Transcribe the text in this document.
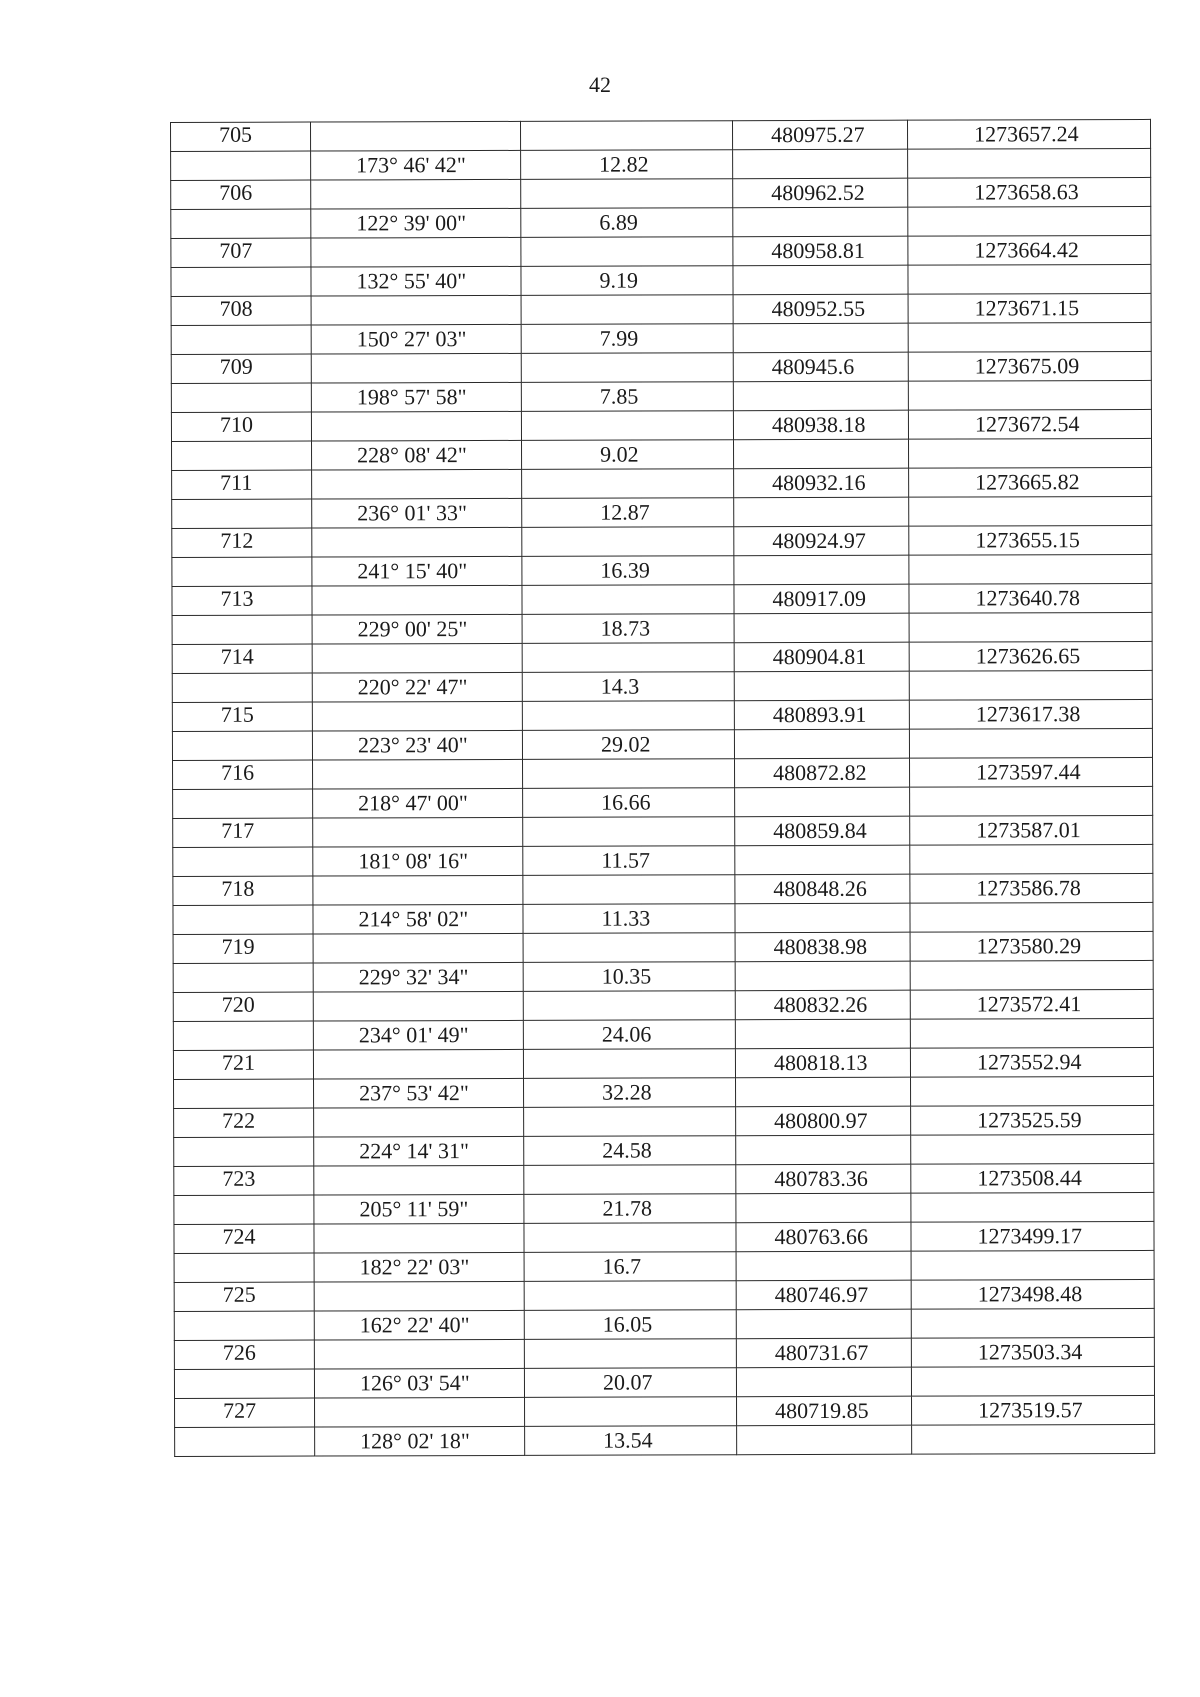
42
705			480975.27	1273657.24
	173° 46' 42"	12.82		
706			480962.52	1273658.63
	122° 39' 00"	6.89		
707			480958.81	1273664.42
	132° 55' 40"	9.19		
708			480952.55	1273671.15
	150° 27' 03"	7.99		
709			480945.6	1273675.09
	198° 57' 58"	7.85		
710			480938.18	1273672.54
	228° 08' 42"	9.02		
711			480932.16	1273665.82
	236° 01' 33"	12.87		
712			480924.97	1273655.15
	241° 15' 40"	16.39		
713			480917.09	1273640.78
	229° 00' 25"	18.73		
714			480904.81	1273626.65
	220° 22' 47"	14.3		
715			480893.91	1273617.38
	223° 23' 40"	29.02		
716			480872.82	1273597.44
	218° 47' 00"	16.66		
717			480859.84	1273587.01
	181° 08' 16"	11.57		
718			480848.26	1273586.78
	214° 58' 02"	11.33		
719			480838.98	1273580.29
	229° 32' 34"	10.35		
720			480832.26	1273572.41
	234° 01' 49"	24.06		
721			480818.13	1273552.94
	237° 53' 42"	32.28		
722			480800.97	1273525.59
	224° 14' 31"	24.58		
723			480783.36	1273508.44
	205° 11' 59"	21.78		
724			480763.66	1273499.17
	182° 22' 03"	16.7		
725			480746.97	1273498.48
	162° 22' 40"	16.05		
726			480731.67	1273503.34
	126° 03' 54"	20.07		
727			480719.85	1273519.57
	128° 02' 18"	13.54		
